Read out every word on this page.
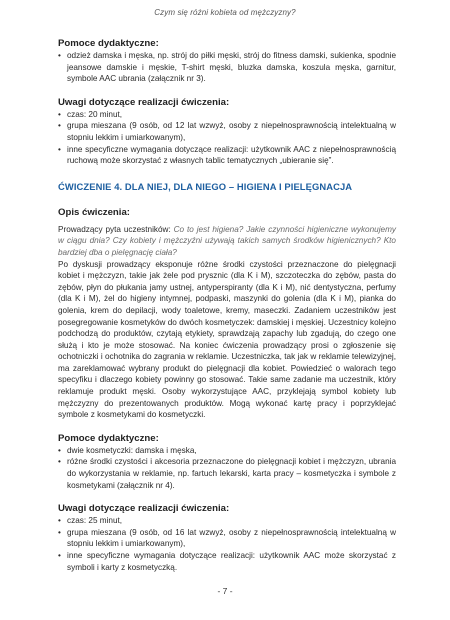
Czym się różni kobieta od mężczyzny?

Pomoce dydaktyczne:

• odzież damska i męska, np. strój do piłki męski, strój do fitness damski, sukienka, spodnie jeansowe damskie i męskie, T-shirt męski, bluzka damska, koszula męska, garnitur, symbole AAC ubrania (załącznik nr 3).

Uwagi dotyczące realizacji ćwiczenia:

• czas: 20 minut,
• grupa mieszana (9 osób, od 12 lat wzwyż, osoby z niepełnosprawnością intelektualną w stopniu lekkim i umiarkowanym),
• inne specyficzne wymagania dotyczące realizacji: użytkownik AAC z niepełnosprawnością ruchową może skorzystać z własnych tablic tematycznych „ubieranie się”.

ĆWICZENIE 4. DLA NIEJ, DLA NIEGO – HIGIENA I PIELĘGNACJA

Opis ćwiczenia:

Prowadzący pyta uczestników: Co to jest higiena? Jakie czynności higieniczne wykonujemy w ciągu dnia? Czy kobiety i mężczyźni używają takich samych środków higienicznych? Kto bardziej dba o pielęgnację ciała?

Po dyskusji prowadzący eksponuje różne środki czystości przeznaczone do pielęgnacji kobiet i mężczyzn, takie jak żele pod prysznic (dla K i M), szczoteczka do zębów, pasta do zębów, płyn do płukania jamy ustnej, antyperspiranty (dla K i M), nić dentystyczna, perfumy (dla K i M), żel do higieny intymnej, podpaski, maszynki do golenia (dla K i M), pianka do golenia, krem do depilacji, wody toaletowe, kremy, maseczki. Zadaniem uczestników jest posegregowanie kosmetyków do dwóch kosmetyczek: damskiej i męskiej. Uczestnicy kolejno podchodzą do produktów, czytają etykiety, sprawdzają zapachy lub zgadują, do czego one służą i kto je może stosować. Na koniec ćwiczenia prowadzący prosi o zgłoszenie się ochotniczki i ochotnika do zagrania w reklamie. Uczestniczka, tak jak w reklamie telewizyjnej, ma zareklamować wybrany produkt do pielęgnacji dla kobiet. Powiedzieć o walorach tego specyfiku i dlaczego kobiety powinny go stosować. Takie same zadanie ma uczestnik, który reklamuje produkt męski. Osoby wykorzystujące AAC, przyklejają symbol kobiety lub mężczyzny do prezentowanych produktów. Mogą wykonać kartę pracy i poprzyklejać symbole z kosmetykami do kosmetyczki.

Pomoce dydaktyczne:

• dwie kosmetyczki: damska i męska,
• różne środki czystości i akcesoria przeznaczone do pielęgnacji kobiet i mężczyzn, ubrania do wykorzystania w reklamie, np. fartuch lekarski, karta pracy – kosmetyczka i symbole z kosmetykami (załącznik nr 4).

Uwagi dotyczące realizacji ćwiczenia:

• czas: 25 minut,
• grupa mieszana (9 osób, od 16 lat wzwyż, osoby z niepełnosprawnością intelektualną w stopniu lekkim i umiarkowanym),
• inne specyficzne wymagania dotyczące realizacji: użytkownik AAC może skorzystać z symboli i karty z kosmetyczką.
- 7 -
